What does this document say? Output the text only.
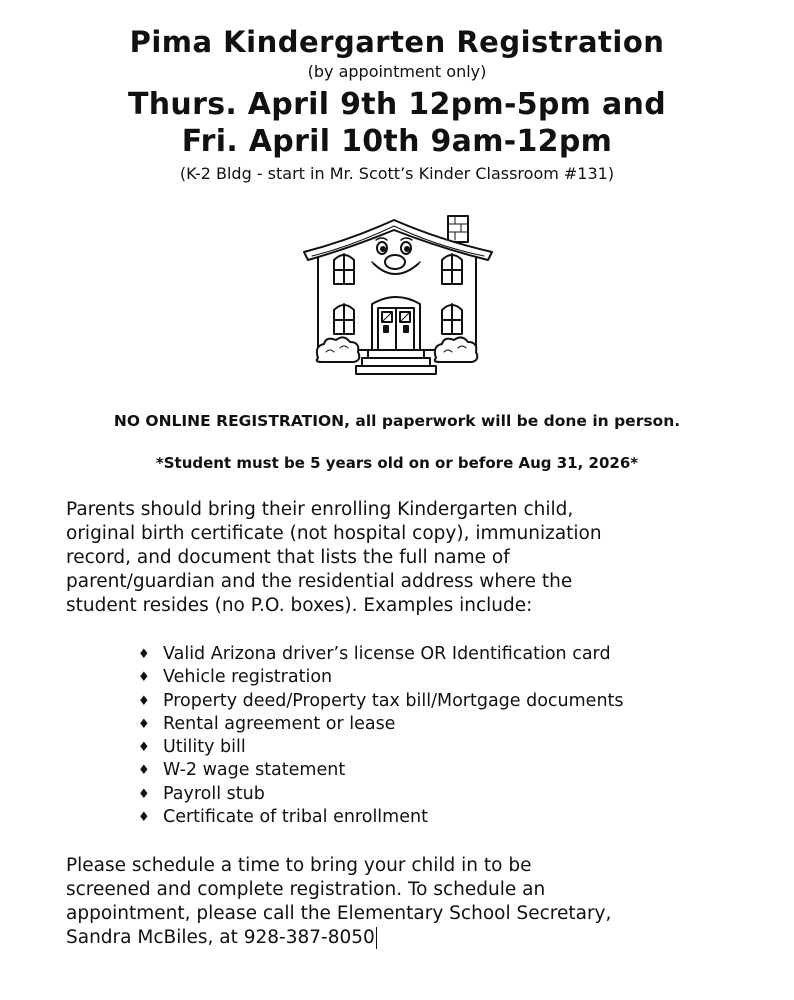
Pima Kindergarten Registration
(by appointment only)
Thurs. April 9th 12pm-5pm and
Fri. April 10th 9am-12pm
(K-2 Bldg - start in Mr. Scott’s Kinder Classroom #131)
NO ONLINE REGISTRATION, all paperwork will be done in person.
*Student must be 5 years old on or before Aug 31, 2026*
Parents should bring their enrolling Kindergarten child,
original birth certificate (not hospital copy), immunization
record, and document that lists the full name of
parent/guardian and the residential address where the
student resides (no P.O. boxes). Examples include:
♦ Valid Arizona driver’s license OR Identification card
♦ Vehicle registration
♦ Property deed/Property tax bill/Mortgage documents
♦ Rental agreement or lease
♦ Utility bill
♦ W-2 wage statement
♦ Payroll stub
♦ Certificate of tribal enrollment
Please schedule a time to bring your child in to be
screened and complete registration. To schedule an
appointment, please call the Elementary School Secretary,
Sandra McBiles, at 928-387-8050
